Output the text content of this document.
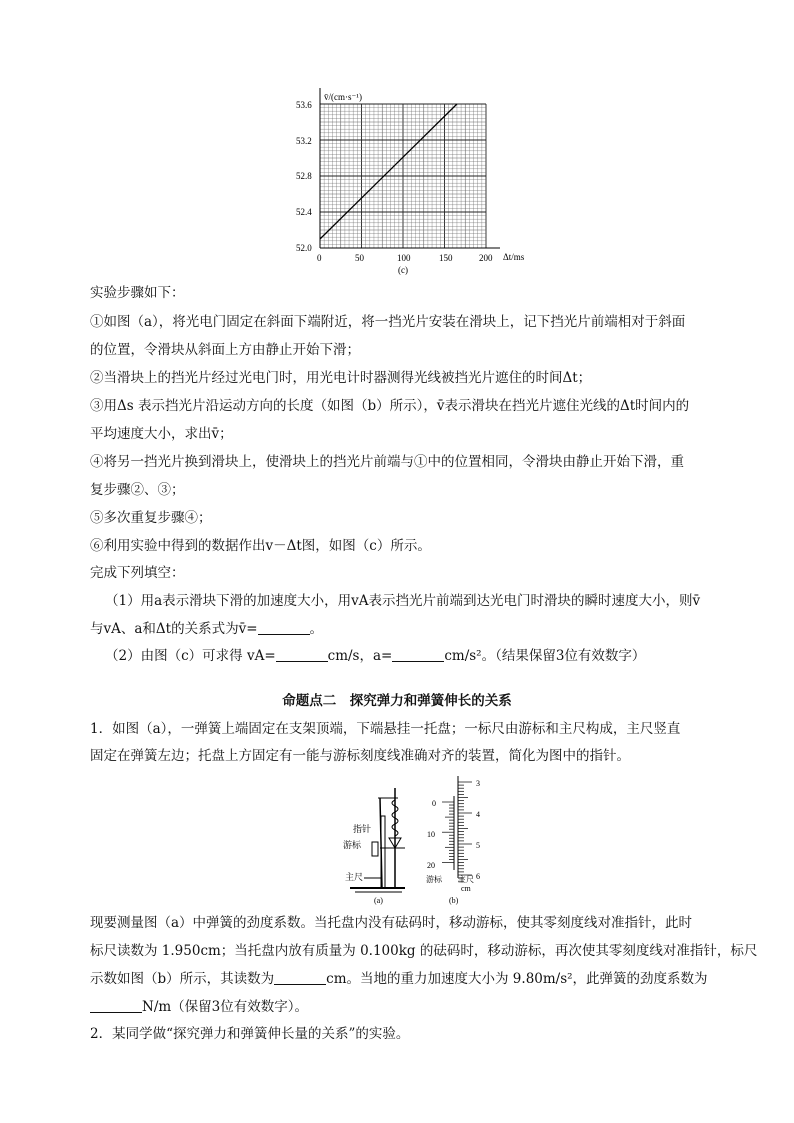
v̄/(cm·s⁻¹)
Δt/ms
(c)
53.6
53.2
52.8
52.4
52.0
0	50	100	150	200
实验步骤如下：
①如图（a），将光电门固定在斜面下端附近，将一挡光片安装在滑块上，记下挡光片前端相对于斜面
的位置，令滑块从斜面上方由静止开始下滑；
②当滑块上的挡光片经过光电门时，用光电计时器测得光线被挡光片遮住的时间Δt；
③用Δs 表示挡光片沿运动方向的长度（如图（b）所示），v̄表示滑块在挡光片遮住光线的Δt时间内的
平均速度大小，求出v̄；
④将另一挡光片换到滑块上，使滑块上的挡光片前端与①中的位置相同，令滑块由静止开始下滑，重
复步骤②、③；
⑤多次重复步骤④；
⑥利用实验中得到的数据作出v－Δt图，如图（c）所示。
完成下列填空：
（1）用a表示滑块下滑的加速度大小，用vA表示挡光片前端到达光电门时滑块的瞬时速度大小，则v̄
与vA、a和Δt的关系式为v̄=	。
（2）由图（c）可求得 vA=	cm/s，a=	cm/s²。（结果保留3位有效数字）
命题点二　探究弹力和弹簧伸长的关系
1．如图（a），一弹簧上端固定在支架顶端，下端悬挂一托盘；一标尺由游标和主尺构成，主尺竖直
固定在弹簧左边；托盘上方固定有一能与游标刻度线准确对齐的装置，简化为图中的指针。
指针
游标
主尺
(a)
3
4
5
6
0
10
20
游标 主尺
cm
(b)
现要测量图（a）中弹簧的劲度系数。当托盘内没有砝码时，移动游标，使其零刻度线对准指针，此时
标尺读数为 1.950cm；当托盘内放有质量为 0.100kg 的砝码时，移动游标，再次使其零刻度线对准指针，标尺
示数如图（b）所示，其读数为	cm。当地的重力加速度大小为 9.80m/s²，此弹簧的劲度系数为
N/m（保留3位有效数字）。
2．某同学做“探究弹力和弹簧伸长量的关系”的实验。
